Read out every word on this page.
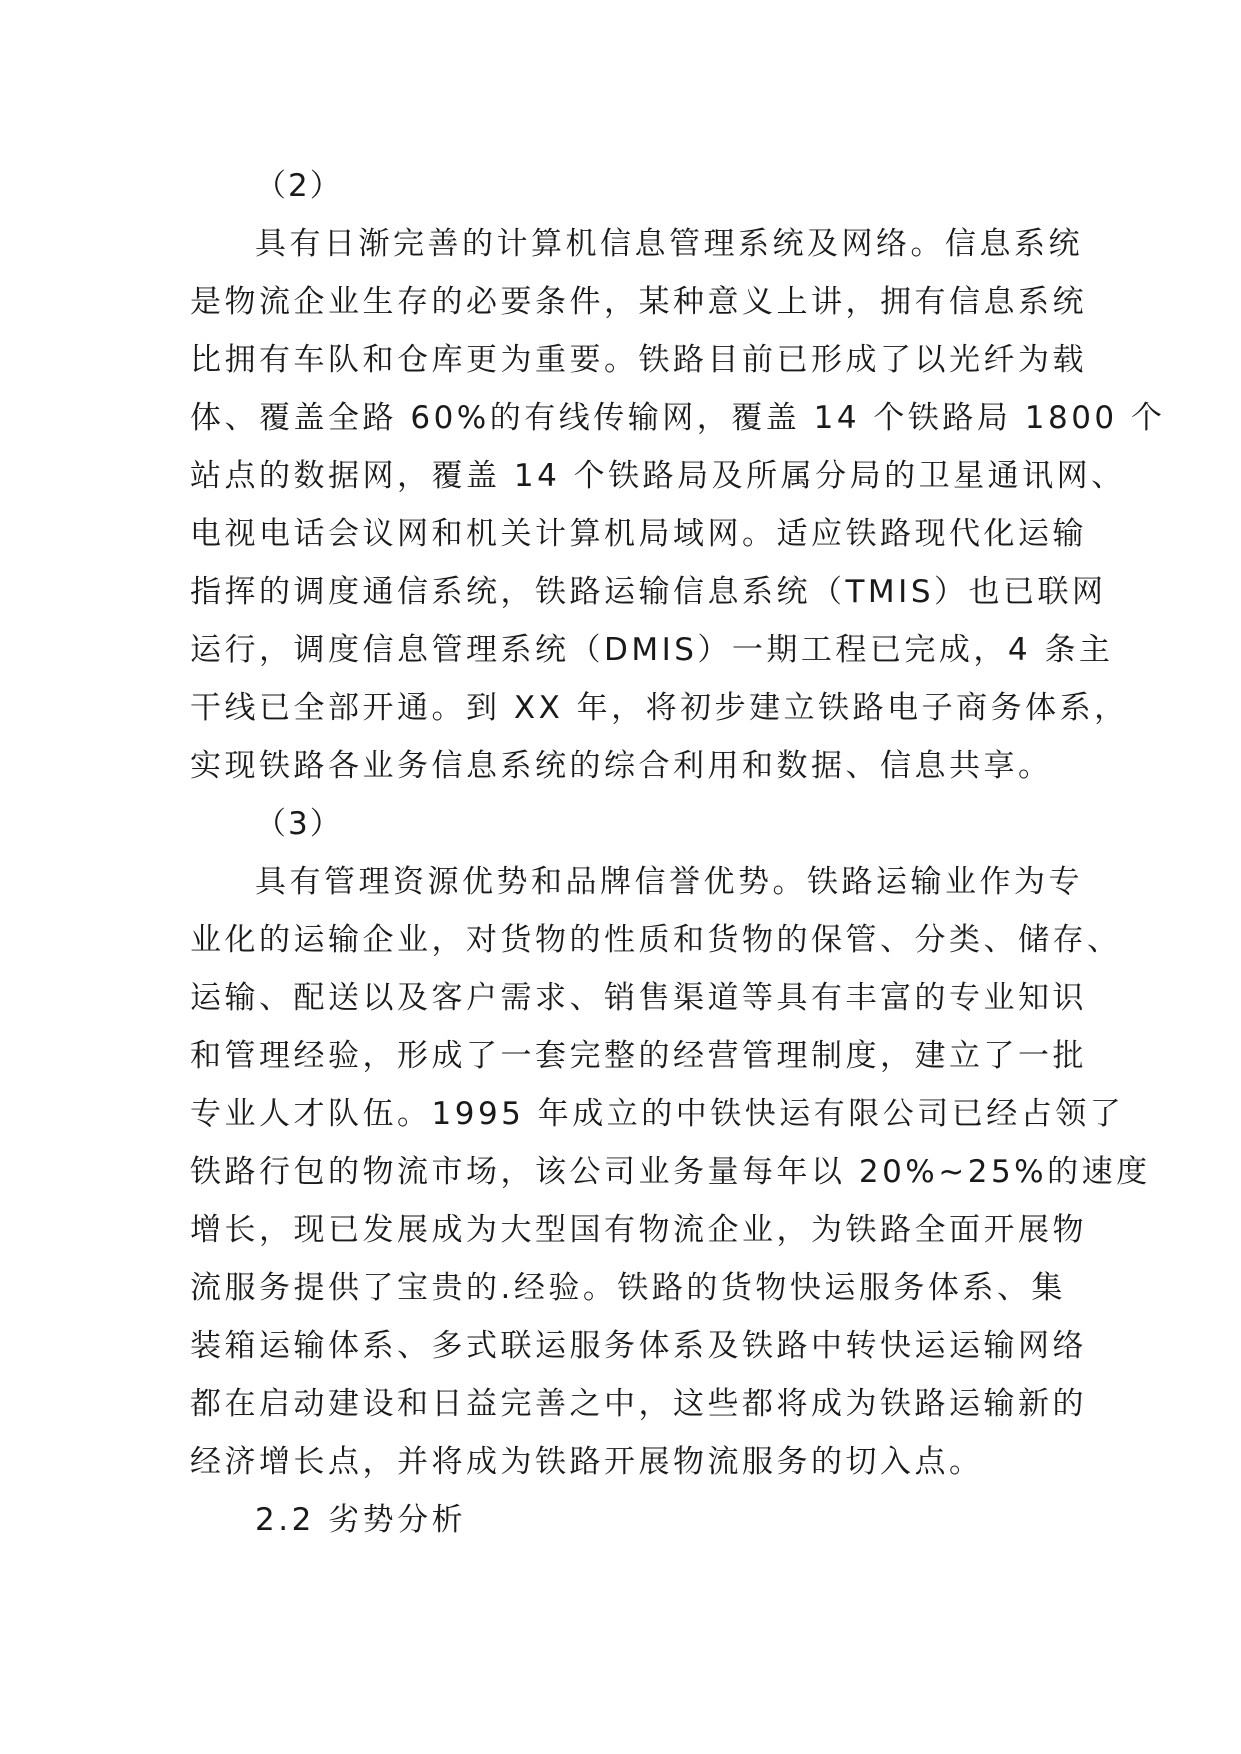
（2）
具有日渐完善的计算机信息管理系统及网络。信息系统
是物流企业生存的必要条件，某种意义上讲，拥有信息系统
比拥有车队和仓库更为重要。铁路目前已形成了以光纤为载
体、覆盖全路 60%的有线传输网，覆盖 14 个铁路局 1800 个
站点的数据网，覆盖 14 个铁路局及所属分局的卫星通讯网、
电视电话会议网和机关计算机局域网。适应铁路现代化运输
指挥的调度通信系统，铁路运输信息系统（TMIS）也已联网
运行，调度信息管理系统（DMIS）一期工程已完成，4 条主
干线已全部开通。到 XX 年，将初步建立铁路电子商务体系，
实现铁路各业务信息系统的综合利用和数据、信息共享。
（3）
具有管理资源优势和品牌信誉优势。铁路运输业作为专
业化的运输企业，对货物的性质和货物的保管、分类、储存、
运输、配送以及客户需求、销售渠道等具有丰富的专业知识
和管理经验，形成了一套完整的经营管理制度，建立了一批
专业人才队伍。1995 年成立的中铁快运有限公司已经占领了
铁路行包的物流市场，该公司业务量每年以 20%~25%的速度
增长，现已发展成为大型国有物流企业，为铁路全面开展物
流服务提供了宝贵的.经验。铁路的货物快运服务体系、集
装箱运输体系、多式联运服务体系及铁路中转快运运输网络
都在启动建设和日益完善之中，这些都将成为铁路运输新的
经济增长点，并将成为铁路开展物流服务的切入点。
2.2 劣势分析
